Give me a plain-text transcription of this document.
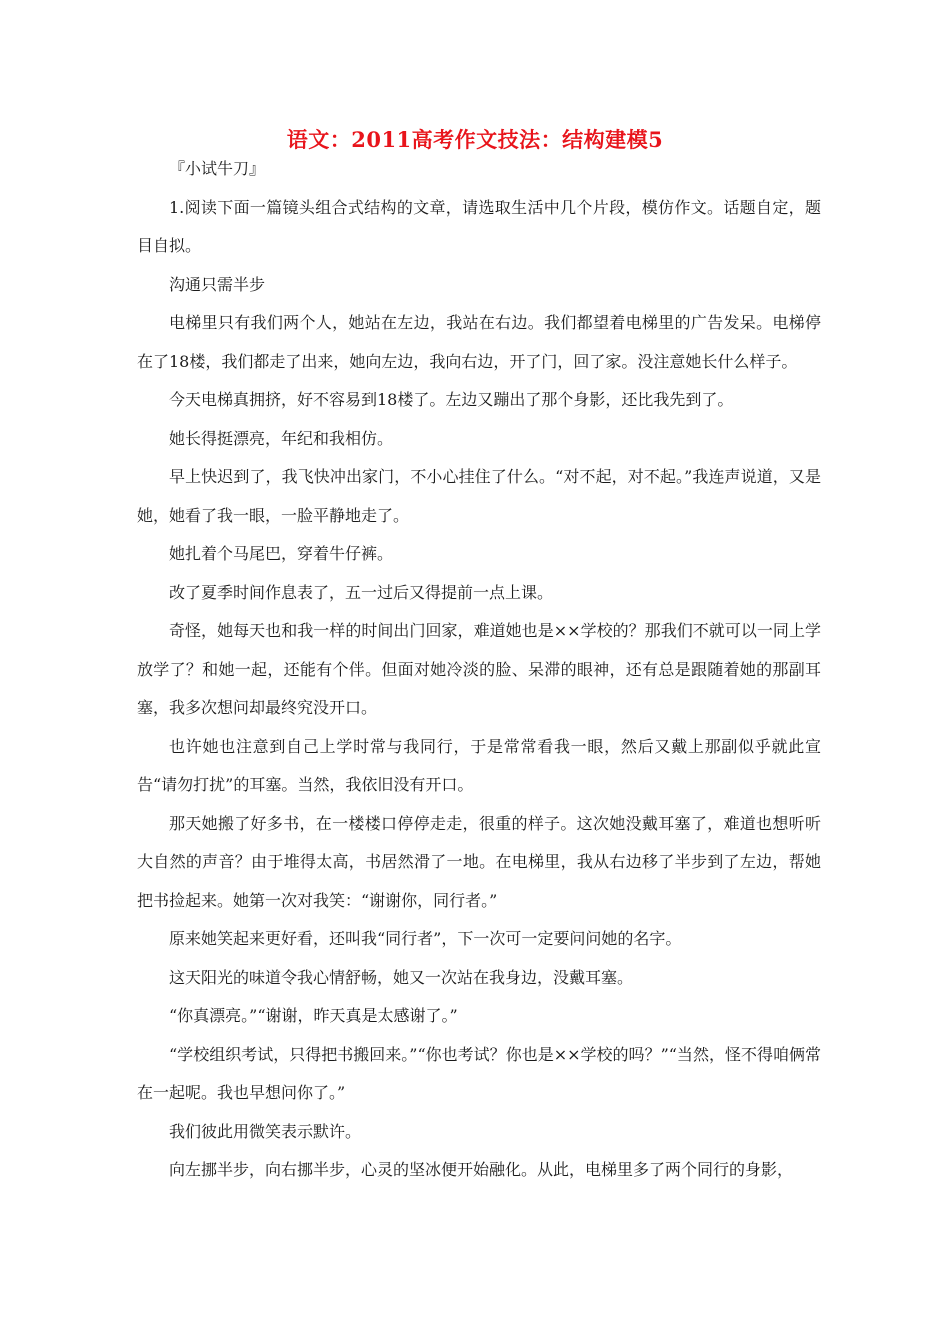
语文：2011高考作文技法：结构建模5

『小试牛刀』

1.阅读下面一篇镜头组合式结构的文章，请选取生活中几个片段，模仿作文。话题自定，题目自拟。

沟通只需半步

电梯里只有我们两个人，她站在左边，我站在右边。我们都望着电梯里的广告发呆。电梯停在了18楼，我们都走了出来，她向左边，我向右边，开了门，回了家。没注意她长什么样子。

今天电梯真拥挤，好不容易到18楼了。左边又蹦出了那个身影，还比我先到了。

她长得挺漂亮，年纪和我相仿。

早上快迟到了，我飞快冲出家门，不小心挂住了什么。“对不起，对不起。”我连声说道，又是她，她看了我一眼，一脸平静地走了。

她扎着个马尾巴，穿着牛仔裤。

改了夏季时间作息表了，五一过后又得提前一点上课。

奇怪，她每天也和我一样的时间出门回家，难道她也是××学校的？那我们不就可以一同上学放学了？和她一起，还能有个伴。但面对她冷淡的脸、呆滞的眼神，还有总是跟随着她的那副耳塞，我多次想问却最终究没开口。

也许她也注意到自己上学时常与我同行，于是常常看我一眼，然后又戴上那副似乎就此宣告“请勿打扰”的耳塞。当然，我依旧没有开口。

那天她搬了好多书，在一楼楼口停停走走，很重的样子。这次她没戴耳塞了，难道也想听听大自然的声音？由于堆得太高，书居然滑了一地。在电梯里，我从右边移了半步到了左边，帮她把书捡起来。她第一次对我笑：“谢谢你，同行者。”

原来她笑起来更好看，还叫我“同行者”，下一次可一定要问问她的名字。

这天阳光的味道令我心情舒畅，她又一次站在我身边，没戴耳塞。

“你真漂亮。”“谢谢，昨天真是太感谢了。”

“学校组织考试，只得把书搬回来。”“你也考试？你也是××学校的吗？”“当然，怪不得咱俩常在一起呢。我也早想问你了。”

我们彼此用微笑表示默许。

向左挪半步，向右挪半步，心灵的坚冰便开始融化。从此，电梯里多了两个同行的身影，
